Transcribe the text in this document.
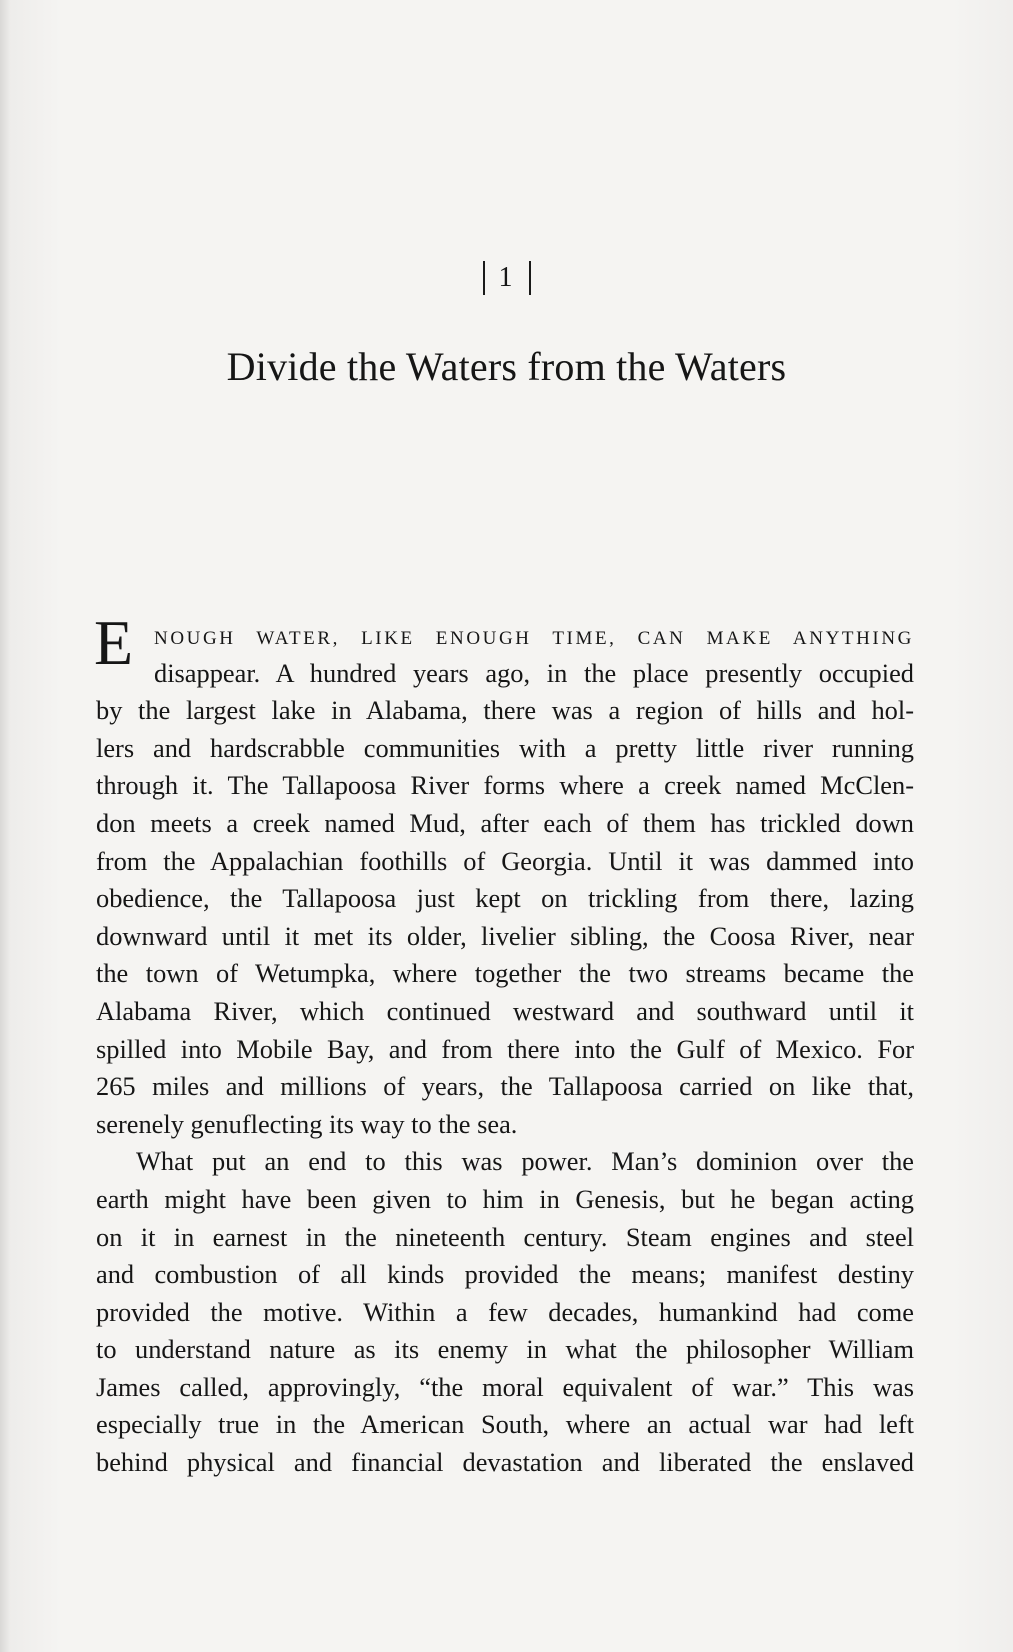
1
Divide the Waters from the Waters
E	NOUGH WATER, LIKE ENOUGH TIME, CAN MAKE ANYTHING
disappear. A hundred years ago, in the place presently occupied
by the largest lake in Alabama, there was a region of hills and hol-
lers and hardscrabble communities with a pretty little river running
through it. The Tallapoosa River forms where a creek named McClen-
don meets a creek named Mud, after each of them has trickled down
from the Appalachian foothills of Georgia. Until it was dammed into
obedience, the Tallapoosa just kept on trickling from there, lazing
downward until it met its older, livelier sibling, the Coosa River, near
the town of Wetumpka, where together the two streams became the
Alabama River, which continued westward and southward until it
spilled into Mobile Bay, and from there into the Gulf of Mexico. For
265 miles and millions of years, the Tallapoosa carried on like that,
serenely genuflecting its way to the sea.
What put an end to this was power. Man’s dominion over the
earth might have been given to him in Genesis, but he began acting
on it in earnest in the nineteenth century. Steam engines and steel
and combustion of all kinds provided the means; manifest destiny
provided the motive. Within a few decades, humankind had come
to understand nature as its enemy in what the philosopher William
James called, approvingly, “the moral equivalent of war.” This was
especially true in the American South, where an actual war had left
behind physical and financial devastation and liberated the enslaved
